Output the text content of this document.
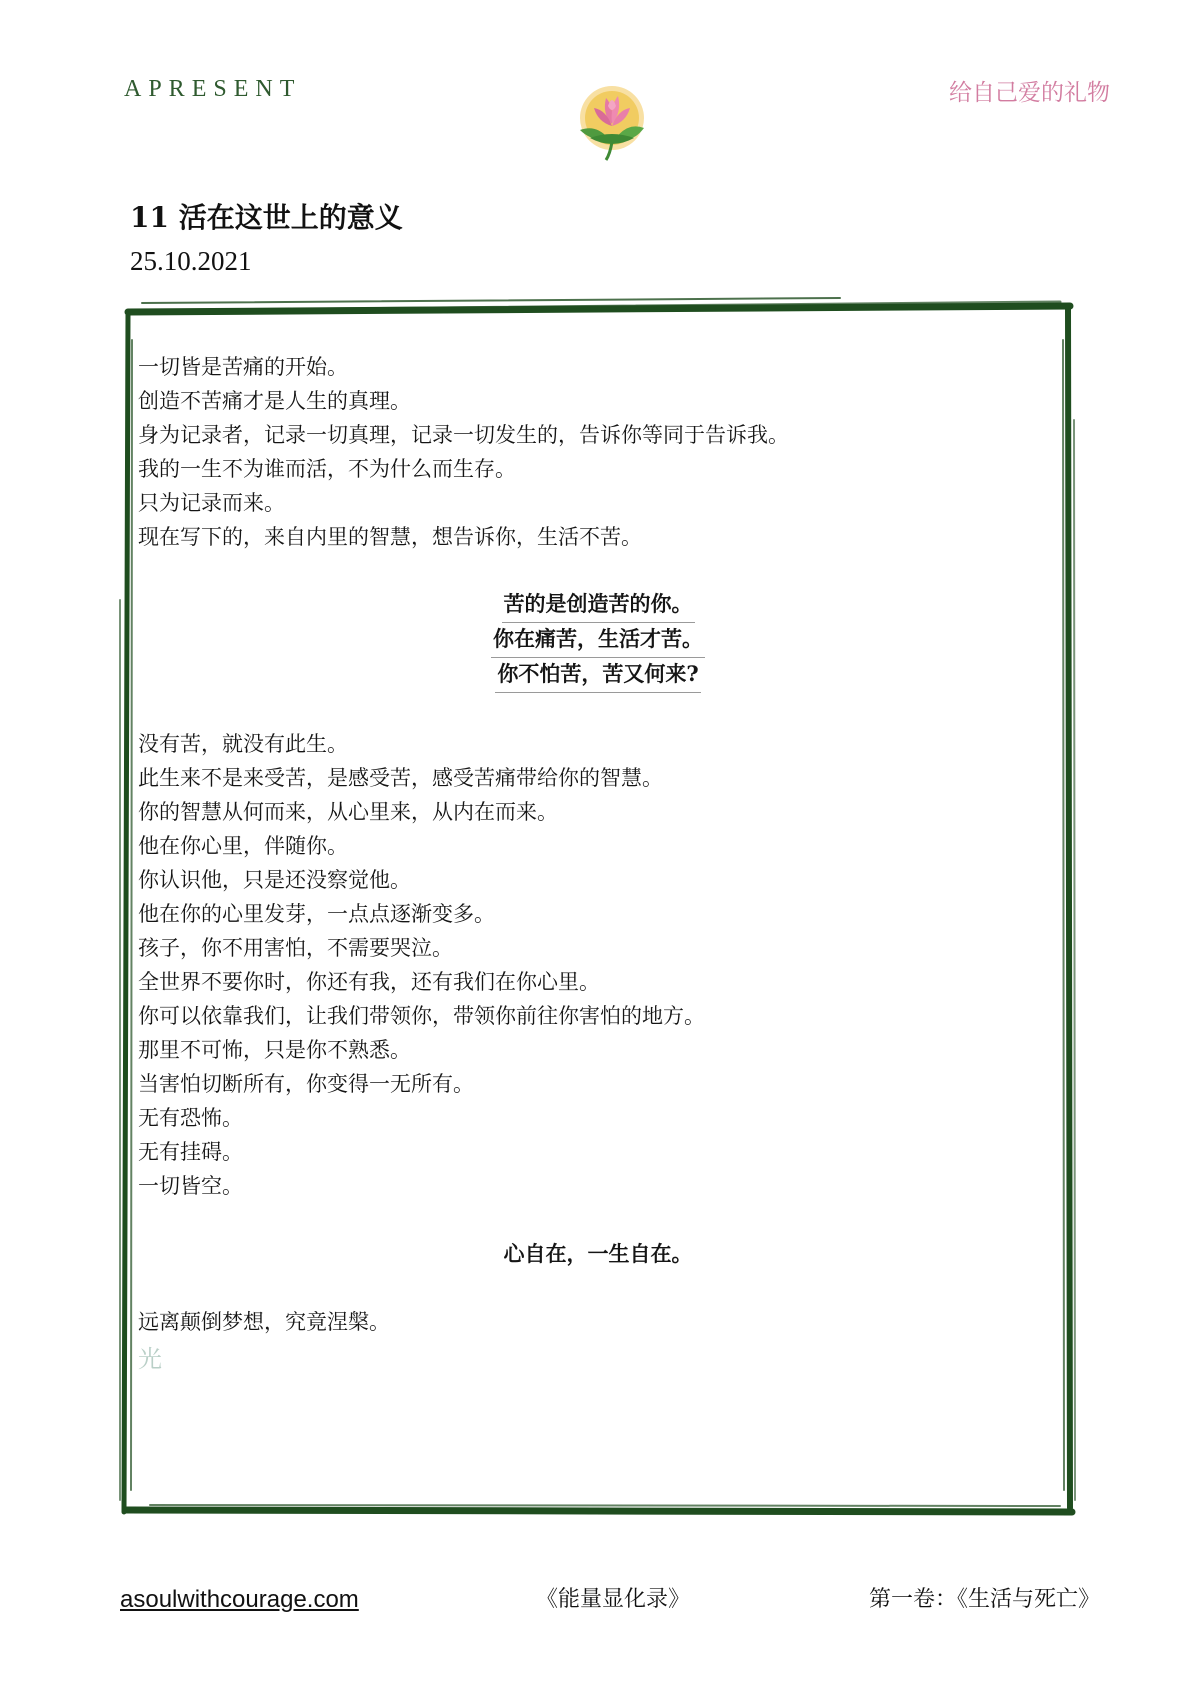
APRESENT	给自己爱的礼物
11 活在这世上的意义
25.10.2021
一切皆是苦痛的开始。
创造不苦痛才是人生的真理。
身为记录者，记录一切真理，记录一切发生的，告诉你等同于告诉我。
我的一生不为谁而活，不为什么而生存。
只为记录而来。
现在写下的，来自内里的智慧，想告诉你，生活不苦。
苦的是创造苦的你。
你在痛苦，生活才苦。
你不怕苦，苦又何来?
没有苦，就没有此生。
此生来不是来受苦，是感受苦，感受苦痛带给你的智慧。
你的智慧从何而来，从心里来，从内在而来。
他在你心里，伴随你。
你认识他，只是还没察觉他。
他在你的心里发芽，一点点逐渐变多。
孩子，你不用害怕，不需要哭泣。
全世界不要你时，你还有我，还有我们在你心里。
你可以依靠我们，让我们带领你，带领你前往你害怕的地方。
那里不可怖，只是你不熟悉。
当害怕切断所有，你变得一无所有。
无有恐怖。
无有挂碍。
一切皆空。
心自在，一生自在。
远离颠倒梦想，究竟涅槃。
光
asoulwithcourage.com	《能量显化录》	第一卷：《生活与死亡》
